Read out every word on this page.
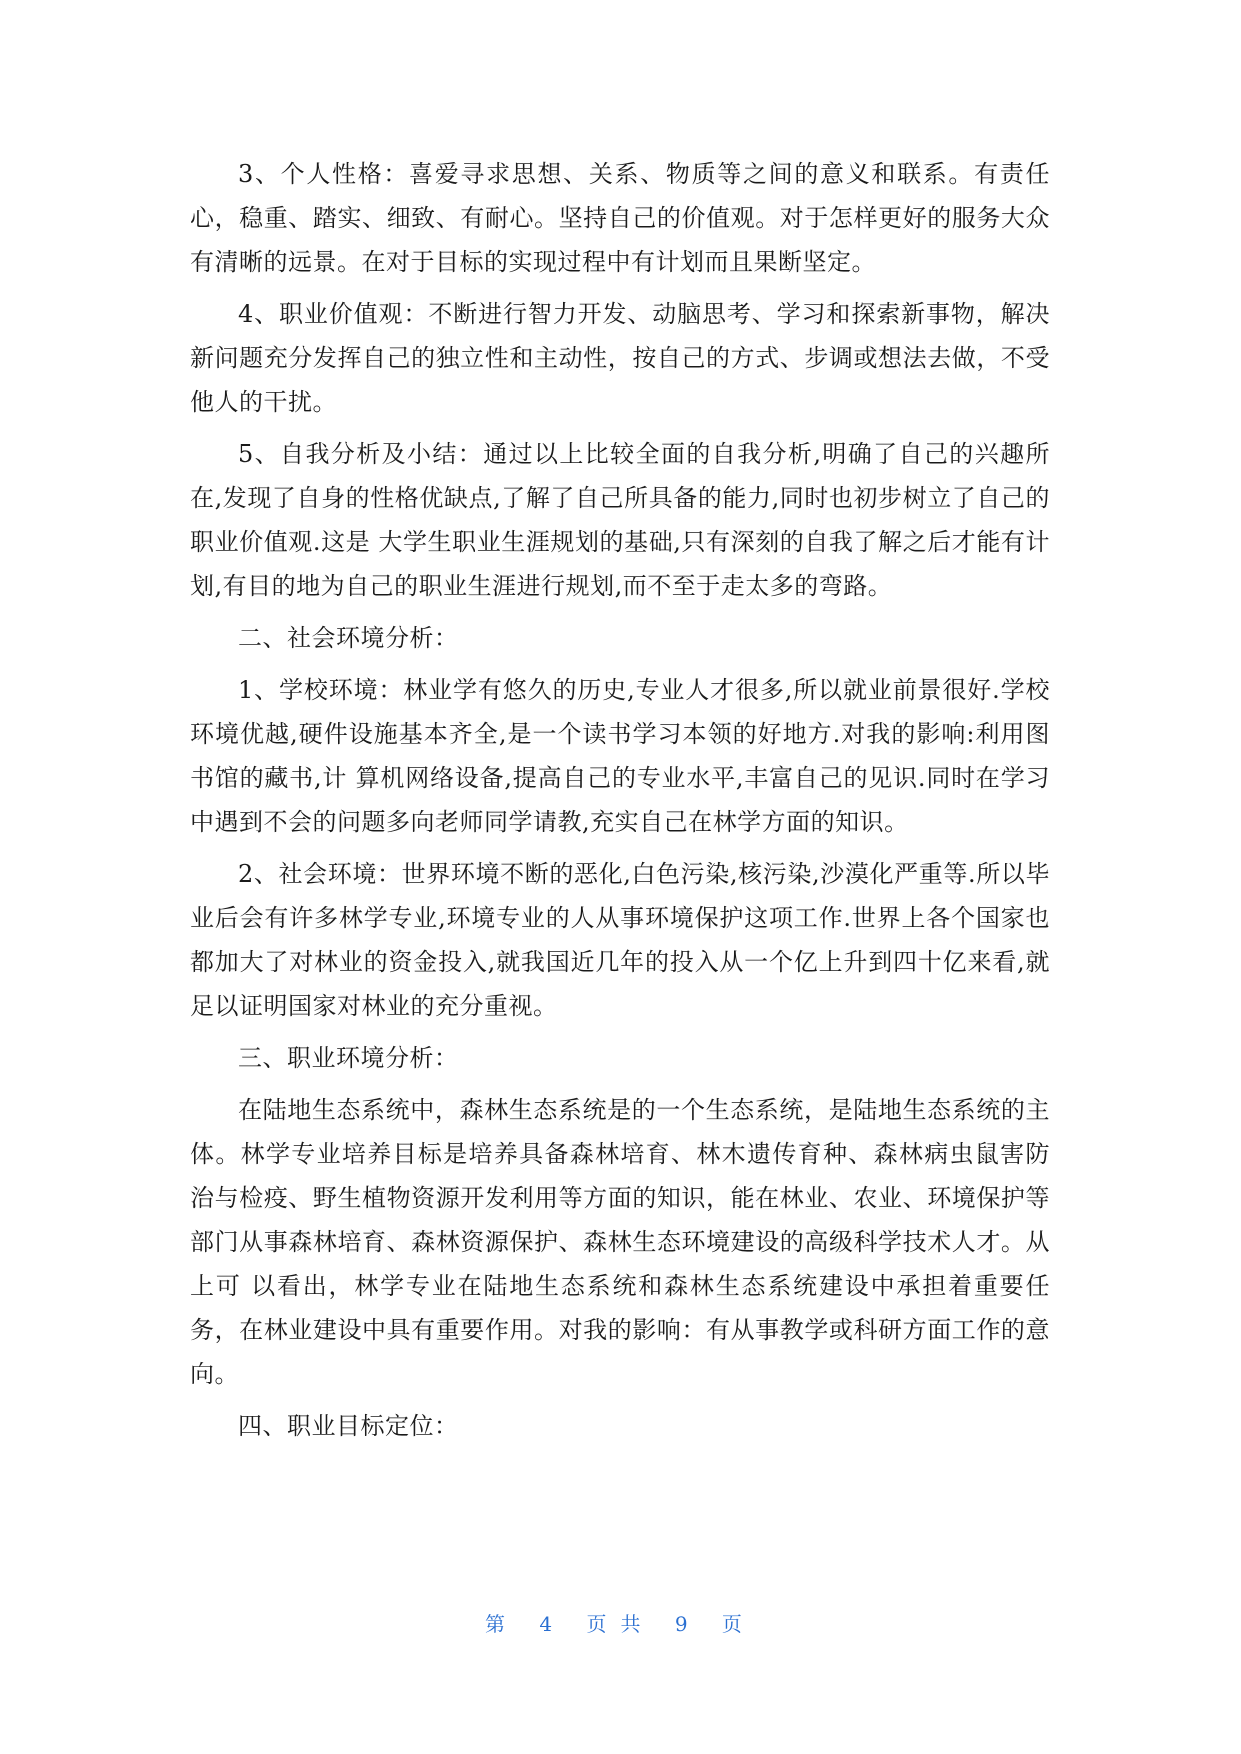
3、个人性格：喜爱寻求思想、关系、物质等之间的意义和联系。有责任心，稳重、踏实、细致、有耐心。坚持自己的价值观。对于怎样更好的服务大众有清晰的远景。在对于目标的实现过程中有计划而且果断坚定。

4、职业价值观：不断进行智力开发、动脑思考、学习和探索新事物，解决新问题充分发挥自己的独立性和主动性，按自己的方式、步调或想法去做，不受他人的干扰。

5、自我分析及小结：通过以上比较全面的自我分析,明确了自己的兴趣所在,发现了自身的性格优缺点,了解了自己所具备的能力,同时也初步树立了自己的职业价值观.这是 大学生职业生涯规划的基础,只有深刻的自我了解之后才能有计划,有目的地为自己的职业生涯进行规划,而不至于走太多的弯路。

二、社会环境分析：

1、学校环境：林业学有悠久的历史,专业人才很多,所以就业前景很好.学校环境优越,硬件设施基本齐全,是一个读书学习本领的好地方.对我的影响:利用图书馆的藏书,计 算机网络设备,提高自己的专业水平,丰富自己的见识.同时在学习中遇到不会的问题多向老师同学请教,充实自己在林学方面的知识。

2、社会环境：世界环境不断的恶化,白色污染,核污染,沙漠化严重等.所以毕业后会有许多林学专业,环境专业的人从事环境保护这项工作.世界上各个国家也都加大了对林业的资金投入,就我国近几年的投入从一个亿上升到四十亿来看,就足以证明国家对林业的充分重视。

三、职业环境分析：

在陆地生态系统中，森林生态系统是的一个生态系统，是陆地生态系统的主体。林学专业培养目标是培养具备森林培育、林木遗传育种、森林病虫鼠害防 治与检疫、野生植物资源开发利用等方面的知识，能在林业、农业、环境保护等部门从事森林培育、森林资源保护、森林生态环境建设的高级科学技术人才。从上可 以看出，林学专业在陆地生态系统和森林生态系统建设中承担着重要任务，在林业建设中具有重要作用。对我的影响：有从事教学或科研方面工作的意向。

四、职业目标定位：

第 4 页共 9 页
